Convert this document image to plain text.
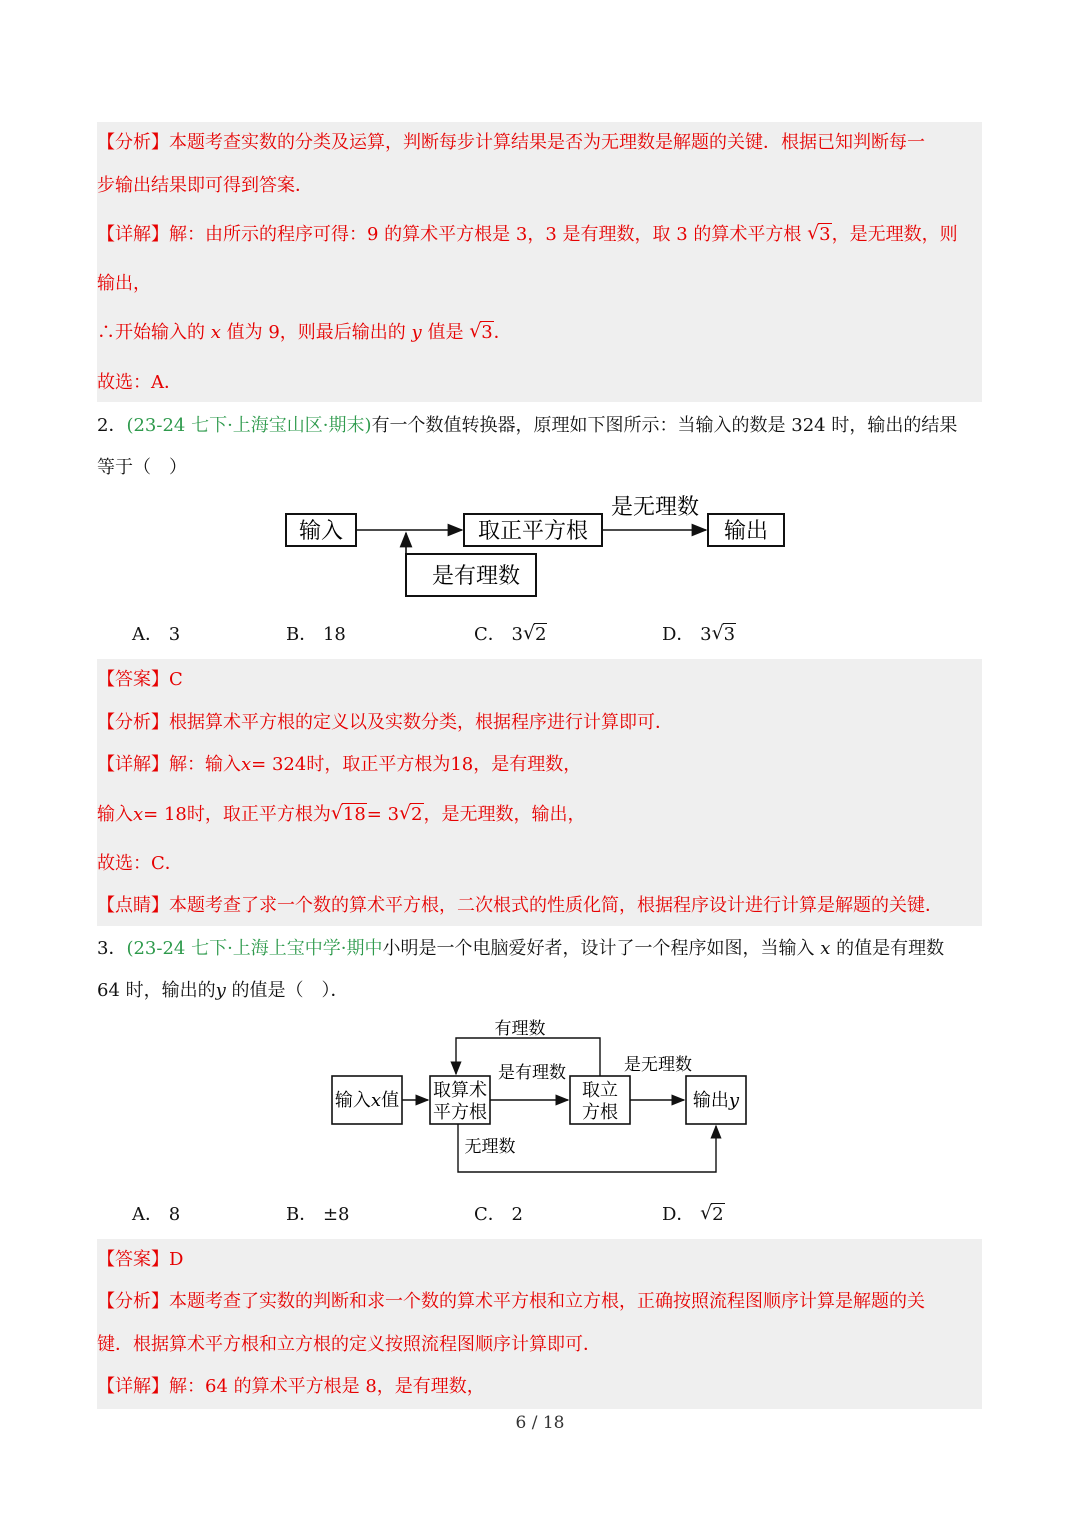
【分析】本题考查实数的分类及运算，判断每步计算结果是否为无理数是解题的关键．根据已知判断每一
步输出结果即可得到答案．
【详解】解：由所示的程序可得：9 的算术平方根是 3，3 是有理数，取 3 的算术平方根 √ 3，是无理数，则
输出，
∴开始输入的 x 值为 9，则最后输出的 y 值是 √ 3．
故选：A．
2．(23-24 七下·上海宝山区·期末)有一个数值转换器，原理如下图所示：当输入的数是 324 时，输出的结果
等于（　）
输入	取正平方根	输出
是无理数
是有理数
A． 3	B． 18	C． 3 √ 2	D． 3 √ 3
【答案】C
【分析】根据算术平方根的定义以及实数分类，根据程序进行计算即可．
【详解】解：输入x= 324时，取正平方根为18，是有理数，
输入x= 18时，取正平方根为 √ 18= 3 √ 2，是无理数，输出，
故选：C．
【点睛】本题考查了求一个数的算术平方根，二次根式的性质化简，根据程序设计进行计算是解题的关键．
3．(23-24 七下·上海上宝中学·期中小明是一个电脑爱好者，设计了一个程序如图，当输入 x 的值是有理数
64 时，输出的y 的值是（　）．
输入x值 取算术
平方根
取立
方根
输出y
有理数
无理数
是有理数	是无理数
A． 8	B． ±8	C． 2	D． √ 2
【答案】D
【分析】本题考查了实数的判断和求一个数的算术平方根和立方根，正确按照流程图顺序计算是解题的关
键．根据算术平方根和立方根的定义按照流程图顺序计算即可．
【详解】解：64 的算术平方根是 8，是有理数，
6 / 18
